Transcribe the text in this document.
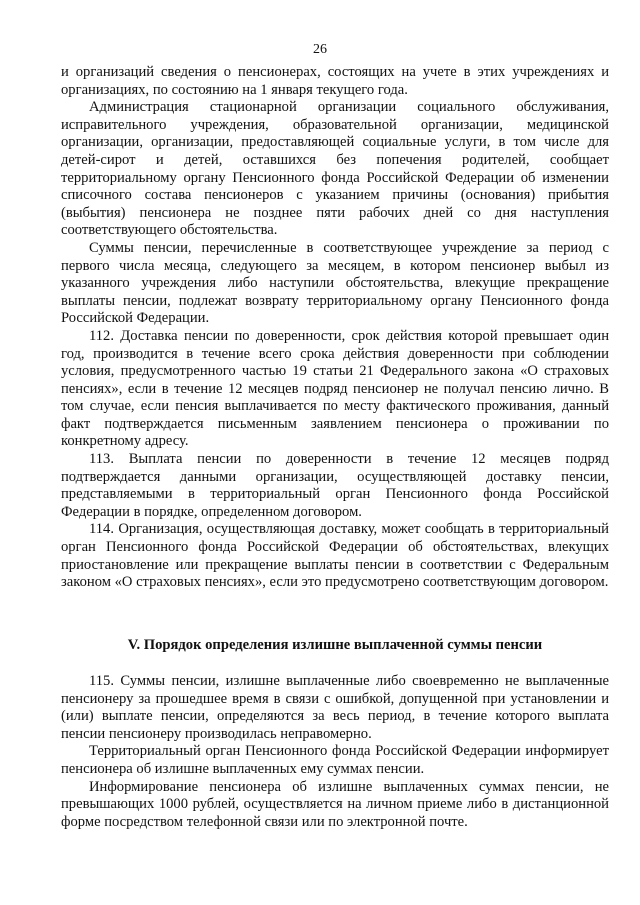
26

и организаций сведения о пенсионерах, состоящих на учете в этих учреждениях и организациях, по состоянию на 1 января текущего года.

Администрация стационарной организации социального обслуживания, исправительного учреждения, образовательной организации, медицинской организации, организации, предоставляющей социальные услуги, в том числе для детей-сирот и детей, оставшихся без попечения родителей, сообщает территориальному органу Пенсионного фонда Российской Федерации об изменении списочного состава пенсионеров с указанием причины (основания) прибытия (выбытия) пенсионера не позднее пяти рабочих дней со дня наступления соответствующего обстоятельства.

Суммы пенсии, перечисленные в соответствующее учреждение за период с первого числа месяца, следующего за месяцем, в котором пенсионер выбыл из указанного учреждения либо наступили обстоятельства, влекущие прекращение выплаты пенсии, подлежат возврату территориальному органу Пенсионного фонда Российской Федерации.

112. Доставка пенсии по доверенности, срок действия которой превышает один год, производится в течение всего срока действия доверенности при соблюдении условия, предусмотренного частью 19 статьи 21 Федерального закона «О страховых пенсиях», если в течение 12 месяцев подряд пенсионер не получал пенсию лично. В том случае, если пенсия выплачивается по месту фактического проживания, данный факт подтверждается письменным заявлением пенсионера о проживании по конкретному адресу.

113. Выплата пенсии по доверенности в течение 12 месяцев подряд подтверждается данными организации, осуществляющей доставку пенсии, представляемыми в территориальный орган Пенсионного фонда Российской Федерации в порядке, определенном договором.

114. Организация, осуществляющая доставку, может сообщать в территориальный орган Пенсионного фонда Российской Федерации об обстоятельствах, влекущих приостановление или прекращение выплаты пенсии в соответствии с Федеральным законом «О страховых пенсиях», если это предусмотрено соответствующим договором.

V. Порядок определения излишне выплаченной суммы пенсии

115. Суммы пенсии, излишне выплаченные либо своевременно не выплаченные пенсионеру за прошедшее время в связи с ошибкой, допущенной при установлении и (или) выплате пенсии, определяются за весь период, в течение которого выплата пенсии пенсионеру производилась неправомерно.

Территориальный орган Пенсионного фонда Российской Федерации информирует пенсионера об излишне выплаченных ему суммах пенсии.

Информирование пенсионера об излишне выплаченных суммах пенсии, не превышающих 1000 рублей, осуществляется на личном приеме либо в дистанционной форме посредством телефонной связи или по электронной почте.
